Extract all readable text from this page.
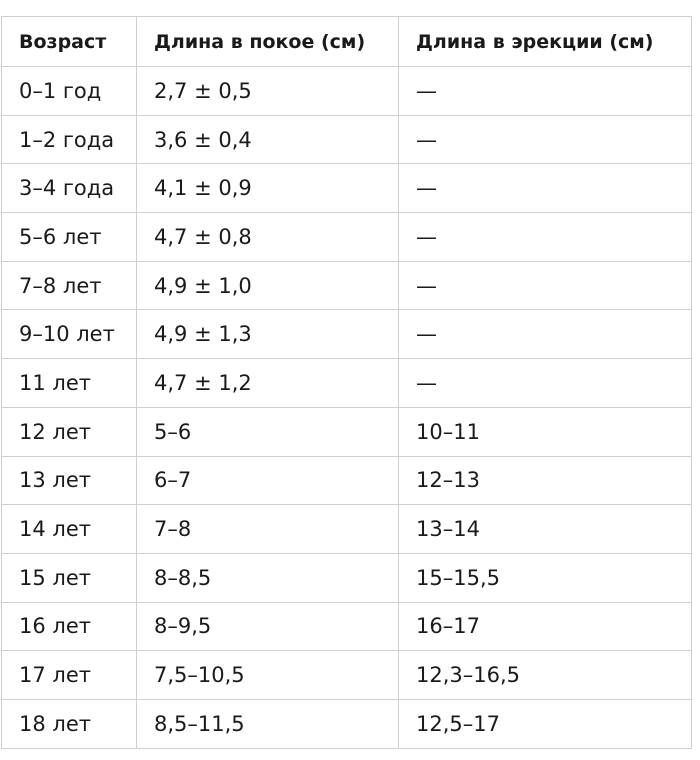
Возраст	Длина в покое (см)	Длина в эрекции (см)
0–1 год	2,7 ± 0,5	—
1–2 года	3,6 ± 0,4	—
3–4 года	4,1 ± 0,9	—
5–6 лет	4,7 ± 0,8	—
7–8 лет	4,9 ± 1,0	—
9–10 лет	4,9 ± 1,3	—
11 лет	4,7 ± 1,2	—
12 лет	5–6	10–11
13 лет	6–7	12–13
14 лет	7–8	13–14
15 лет	8–8,5	15–15,5
16 лет	8–9,5	16–17
17 лет	7,5–10,5	12,3–16,5
18 лет	8,5–11,5	12,5–17
